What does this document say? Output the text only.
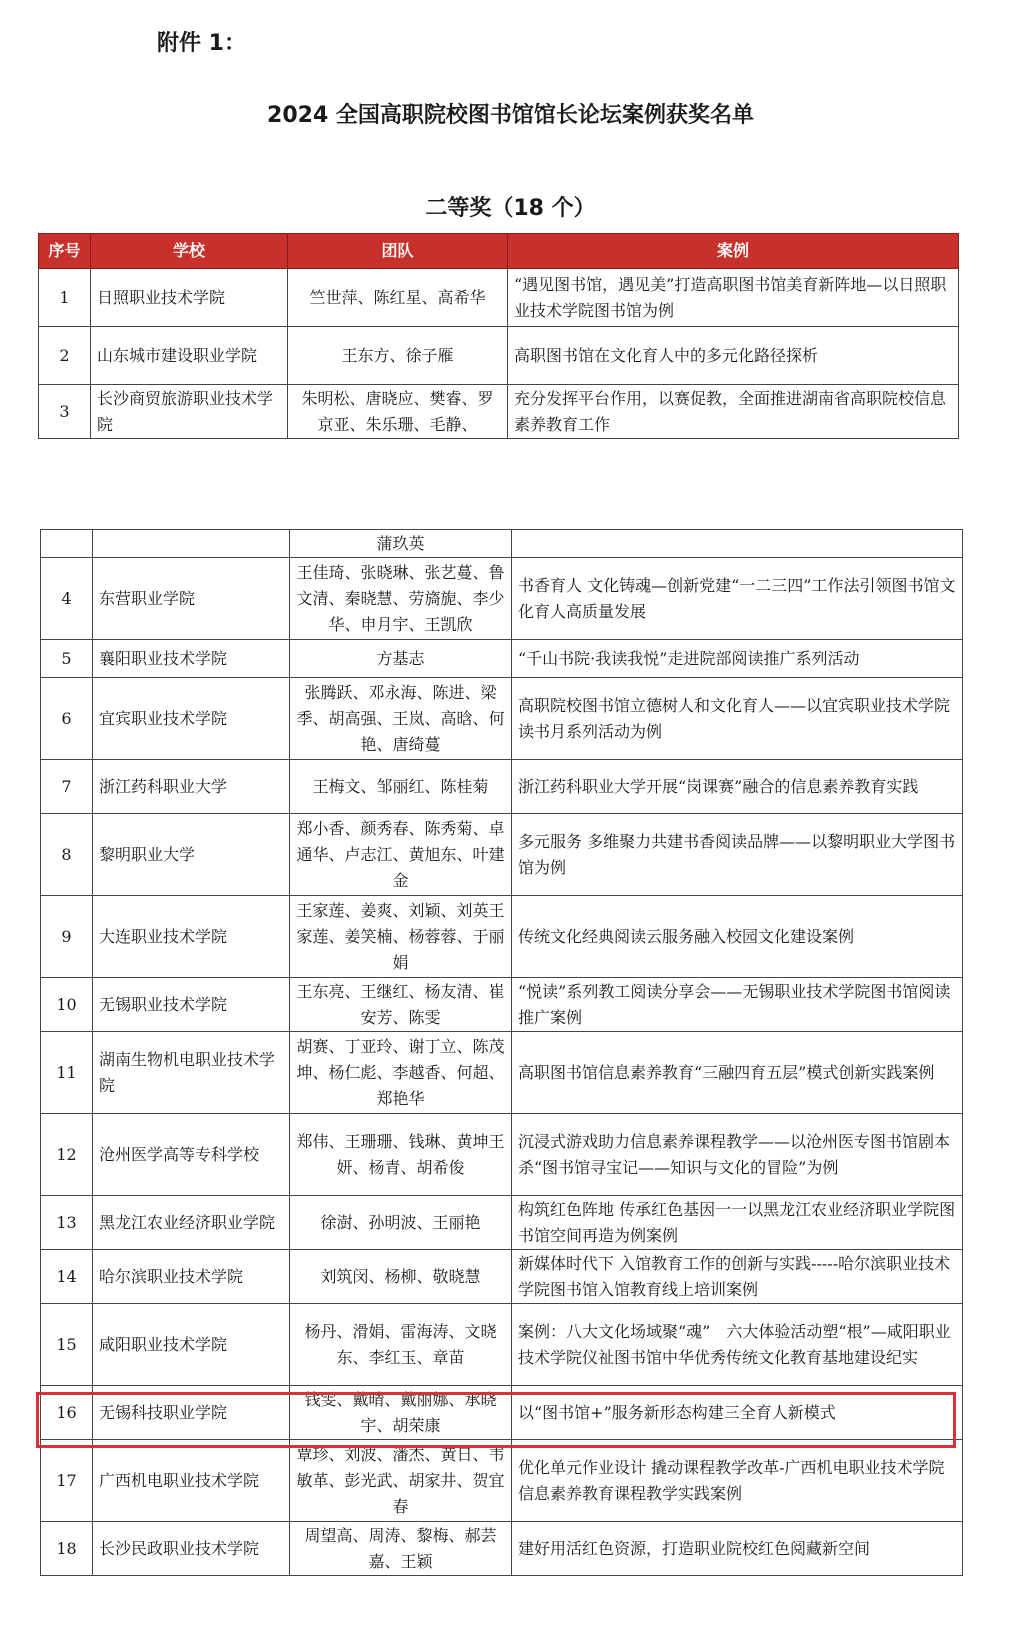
附件 1：
2024 全国高职院校图书馆馆长论坛案例获奖名单
二等奖（18 个）
序号	学校	团队	案例
1	日照职业技术学院	竺世萍、陈红星、高希华	“遇见图书馆，遇见美”打造高职图书馆美育新阵地—以日照职业技术学院图书馆为例
2	山东城市建设职业学院	王东方、徐子雁	高职图书馆在文化育人中的多元化路径探析
3	长沙商贸旅游职业技术学院	朱明松、唐晓应、樊睿、罗京亚、朱乐珊、毛静、	充分发挥平台作用，以赛促教，全面推进湖南省高职院校信息素养教育工作
		蒲玖英	
4	东营职业学院	王佳琦、张晓琳、张艺蔓、鲁文清、秦晓慧、劳旖旎、李少华、申月宇、王凯欣	书香育人 文化铸魂—创新党建“一二三四”工作法引领图书馆文化育人高质量发展
5	襄阳职业技术学院	方基志	“千山书院·我读我悦”走进院部阅读推广系列活动
6	宜宾职业技术学院	张腾跃、邓永海、陈进、梁季、胡高强、王岚、高晗、何艳、唐绮蔓	高职院校图书馆立德树人和文化育人——以宜宾职业技术学院读书月系列活动为例
7	浙江药科职业大学	王梅文、邹丽红、陈桂菊	浙江药科职业大学开展“岗课赛”融合的信息素养教育实践
8	黎明职业大学	郑小香、颜秀春、陈秀菊、卓通华、卢志江、黄旭东、叶建金	多元服务 多维聚力共建书香阅读品牌——以黎明职业大学图书馆为例
9	大连职业技术学院	王家莲、姜爽、刘颖、刘英王家莲、姜笑楠、杨蓉蓉、于丽娟	传统文化经典阅读云服务融入校园文化建设案例
10	无锡职业技术学院	王东亮、王继红、杨友清、崔安芳、陈雯	“悦读”系列教工阅读分享会——无锡职业技术学院图书馆阅读推广案例
11	湖南生物机电职业技术学院	胡赛、丁亚玲、谢丁立、陈茂坤、杨仁彪、李越香、何超、郑艳华	高职图书馆信息素养教育“三融四育五层”模式创新实践案例
12	沧州医学高等专科学校	郑伟、王珊珊、钱琳、黄坤王妍、杨青、胡希俊	沉浸式游戏助力信息素养课程教学——以沧州医专图书馆剧本杀“图书馆寻宝记——知识与文化的冒险”为例
13	黑龙江农业经济职业学院	徐澍、孙明波、王丽艳	构筑红色阵地 传承红色基因一一以黑龙江农业经济职业学院图书馆空间再造为例案例
14	哈尔滨职业技术学院	刘筑闵、杨柳、敬晓慧	新媒体时代下 入馆教育工作的创新与实践-----哈尔滨职业技术学院图书馆入馆教育线上培训案例
15	咸阳职业技术学院	杨丹、滑娟、雷海涛、文晓东、李红玉、章苗	案例：八大文化场域聚“魂”　六大体验活动塑“根”—咸阳职业技术学院仪祉图书馆中华优秀传统文化教育基地建设纪实
16	无锡科技职业学院	钱雯、戴晴、戴丽娜、承晓宇、胡荣康	以“图书馆+”服务新形态构建三全育人新模式
17	广西机电职业技术学院	覃珍、刘波、潘杰、黄日、韦敏革、彭光武、胡家井、贺宜春	优化单元作业设计 撬动课程教学改革-广西机电职业技术学院信息素养教育课程教学实践案例
18	长沙民政职业技术学院	周望高、周涛、黎梅、郝芸嘉、王颖	建好用活红色资源，打造职业院校红色阅藏新空间
